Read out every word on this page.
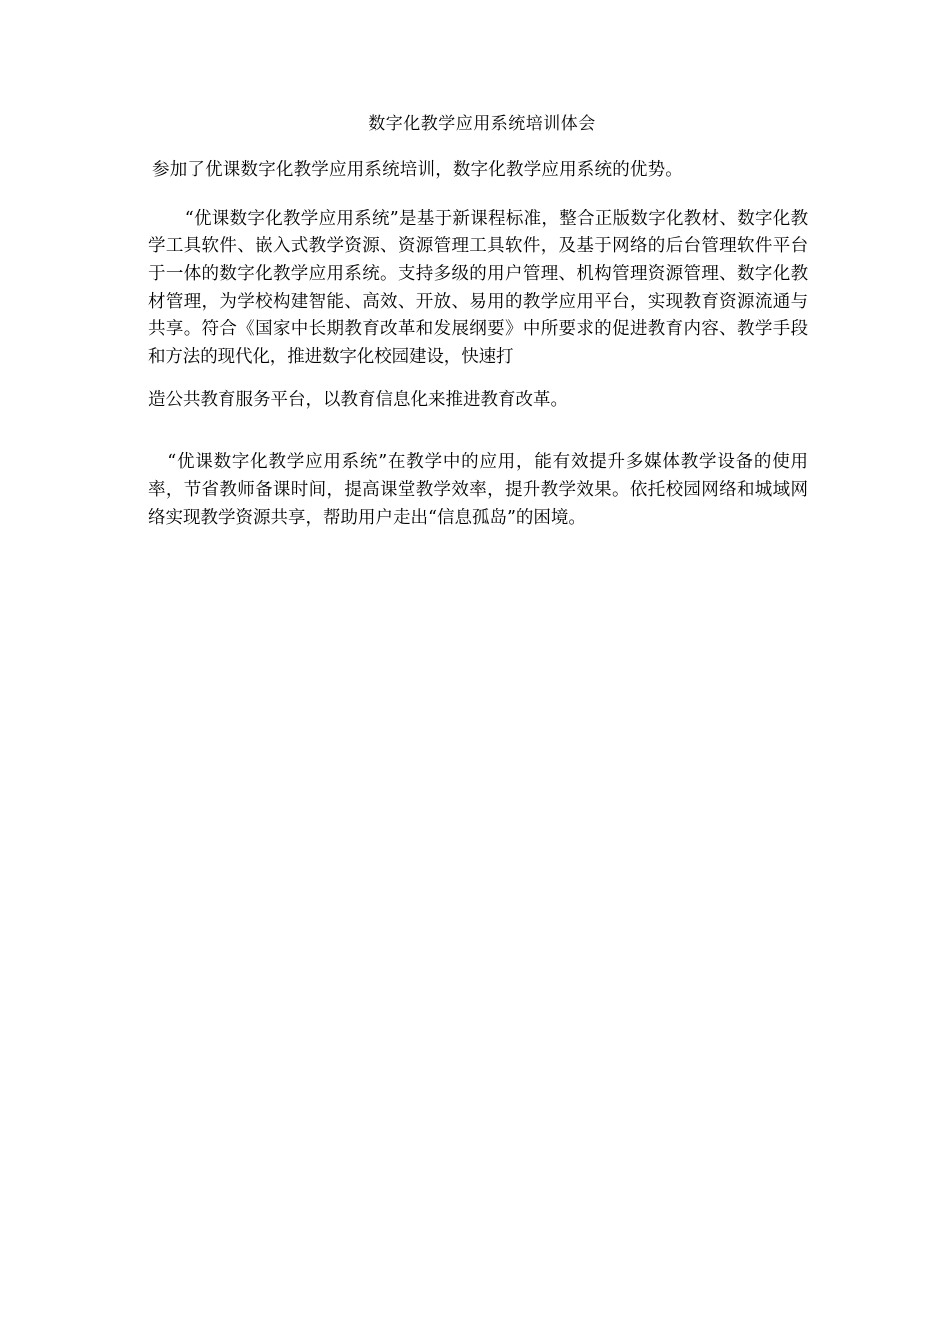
数字化教学应用系统培训体会

参加了优课数字化教学应用系统培训，数字化教学应用系统的优势。

“优课数字化教学应用系统”是基于新课程标准，整合正版数字化教材、数字化教学工具软件、嵌入式教学资源、资源管理工具软件，及基于网络的后台管理软件平台于一体的数字化教学应用系统。支持多级的用户管理、机构管理资源管理、数字化教材管理，为学校构建智能、高效、开放、易用的教学应用平台，实现教育资源流通与共享。符合《国家中长期教育改革和发展纲要》中所要求的促进教育内容、教学手段和方法的现代化，推进数字化校园建设，快速打

造公共教育服务平台，以教育信息化来推进教育改革。

“优课数字化教学应用系统”在教学中的应用，能有效提升多媒体教学设备的使用率，节省教师备课时间，提高课堂教学效率，提升教学效果。依托校园网络和城域网络实现教学资源共享，帮助用户走出“信息孤岛”的困境。
